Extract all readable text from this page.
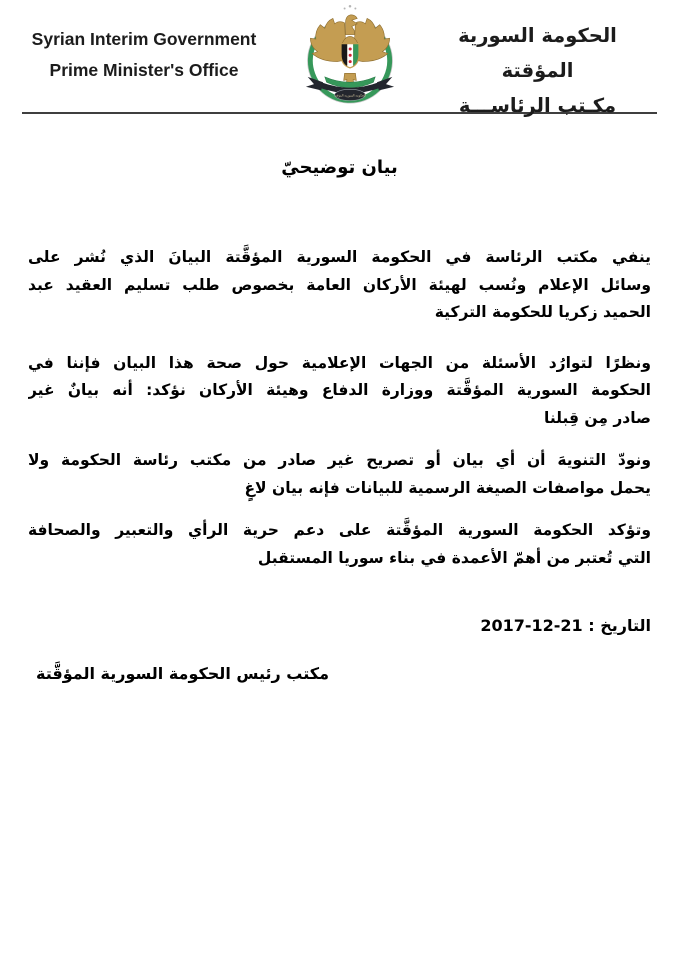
Syrian Interim Government
Prime Minister's Office
الحكومة السورية المؤقتة
الحكومة السورية المؤقتة
مكـتب الرئاســـة
بيان توضيحيّ
ينفي مكتب الرئاسة في الحكومة السورية المؤقَّتة البيانَ الذي نُشر على
وسائل الإعلام ونُسب لهيئة الأركان العامة بخصوص طلب تسليم العقيد عبد
الحميد زكريا للحكومة التركية
ونظرًا لتوارُد الأسئلة من الجهات الإعلامية حول صحة هذا البيان فإننا في
الحكومة السورية المؤقَّتة ووزارة الدفاع وهيئة الأركان نؤكد: أنه بيانٌ غير
صادر مِن قِبلنا
ونودّ التنويهَ أن أي بيان أو تصريح غير صادر من مكتب رئاسة الحكومة ولا
يحمل مواصفات الصيغة الرسمية للبيانات فإنه بيان لاغٍ
وتؤكد الحكومة السورية المؤقَّتة على دعم حرية الرأي والتعبير والصحافة
التي تُعتبر من أهمّ الأعمدة في بناء سوريا المستقبل
التاريخ : 21-12-2017
مكتب رئيس الحكومة السورية المؤقَّتة
